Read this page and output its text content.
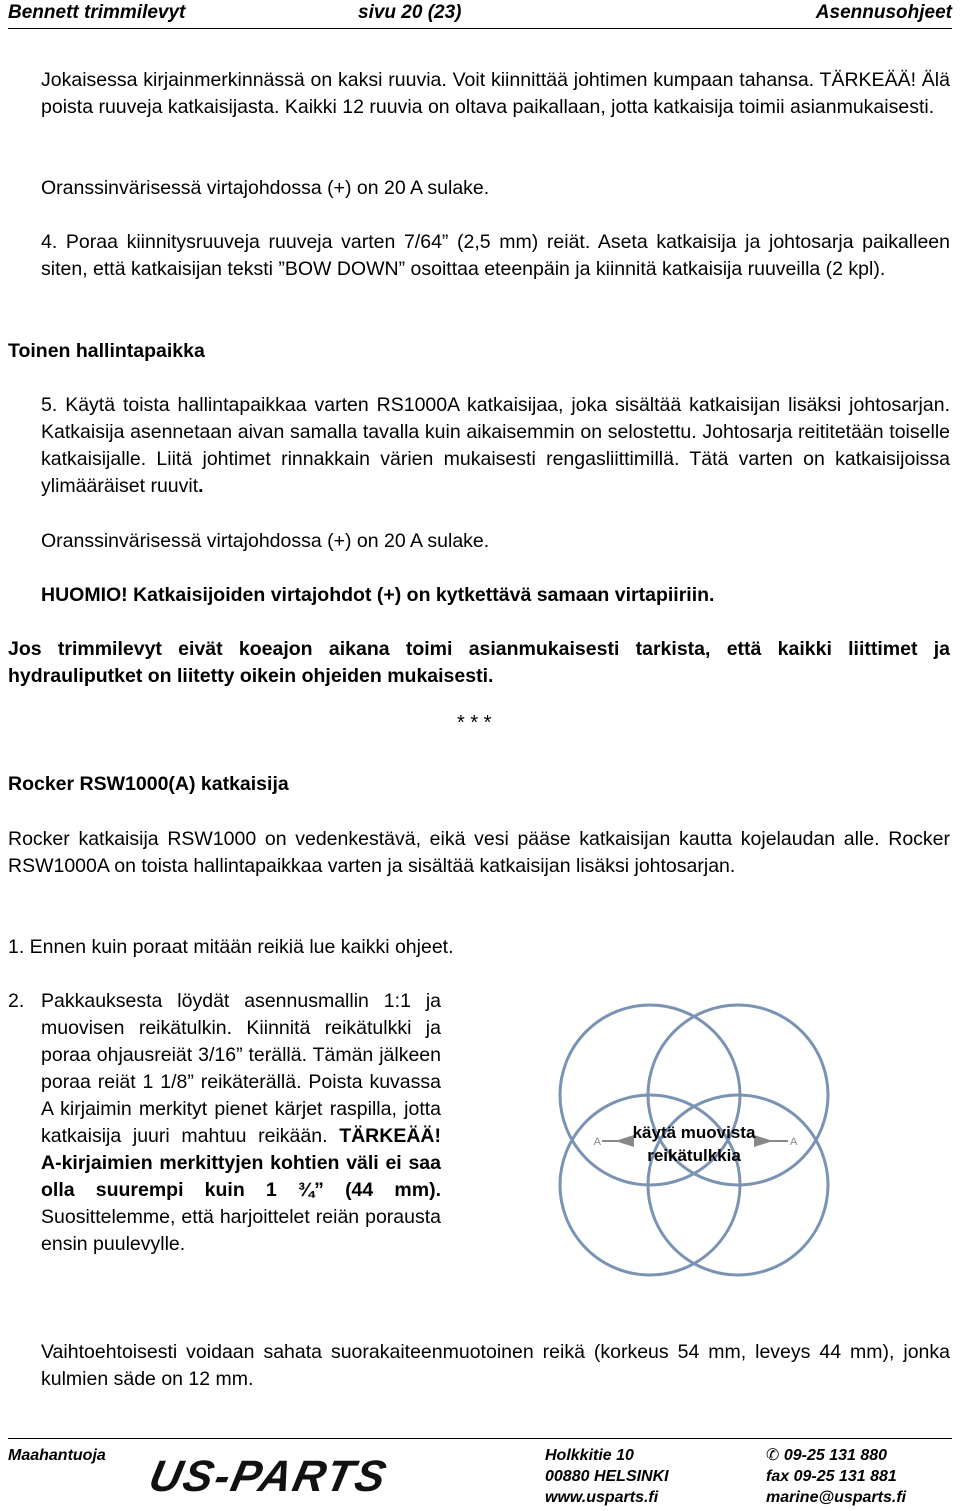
Bennett trimmilevyt	sivu 20 (23)	Asennusohjeet
Jokaisessa kirjainmerkinnässä on kaksi ruuvia. Voit kiinnittää johtimen kumpaan tahansa. TÄRKEÄÄ! Älä poista ruuveja katkaisijasta. Kaikki 12 ruuvia on oltava paikallaan, jotta katkaisija toimii asianmukaisesti.
Oranssinvärisessä virtajohdossa (+) on 20 A sulake.
4. Poraa kiinnitysruuveja ruuveja varten 7/64” (2,5 mm) reiät. Aseta katkaisija ja johtosarja paikalleen siten, että katkaisijan teksti ”BOW DOWN” osoittaa eteenpäin ja kiinnitä katkaisija ruuveilla (2 kpl).
Toinen hallintapaikka
5. Käytä toista hallintapaikkaa varten RS1000A katkaisijaa, joka sisältää katkaisijan lisäksi johtosarjan. Katkaisija asennetaan aivan samalla tavalla kuin aikaisemmin on selostettu. Johtosarja reititetään toiselle katkaisijalle. Liitä johtimet rinnakkain värien mukaisesti rengasliittimillä. Tätä varten on katkaisijoissa ylimääräiset ruuvit.
Oranssinvärisessä virtajohdossa (+) on 20 A sulake.
HUOMIO! Katkaisijoiden virtajohdot (+) on kytkettävä samaan virtapiiriin.
Jos trimmilevyt eivät koeajon aikana toimi asianmukaisesti tarkista, että kaikki liittimet ja hydrauliputket on liitetty oikein ohjeiden mukaisesti.
* * *
Rocker RSW1000(A) katkaisija
Rocker katkaisija RSW1000 on vedenkestävä, eikä vesi pääse katkaisijan kautta kojelaudan alle. Rocker RSW1000A on toista hallintapaikkaa varten ja sisältää katkaisijan lisäksi johtosarjan.
1. Ennen kuin poraat mitään reikiä lue kaikki ohjeet.
2. Pakkauksesta löydät asennusmallin 1:1 ja muovisen reikätulkin. Kiinnitä reikätulkki ja poraa ohjausreiät 3/16” terällä. Tämän jälkeen poraa reiät 1 1/8” reikäterällä. Poista kuvassa A kirjaimin merkityt pienet kärjet raspilla, jotta katkaisija juuri mahtuu reikään. TÄRKEÄÄ! A-kirjaimien merkittyjen kohtien väli ei saa olla suurempi kuin 1 ¾” (44 mm). Suosittelemme, että harjoittelet reiän porausta ensin puulevylle.
A	A
käytä muovista
reikätulkkia
Vaihtoehtoisesti voidaan sahata suorakaiteenmuotoinen reikä (korkeus 54 mm, leveys 44 mm), jonka kulmien säde on 12 mm.
Maahantuoja US-PARTS	Holkkitie 10
00880 HELSINKI
www.usparts.fi
✆ 09-25 131 880
fax 09-25 131 881
marine@usparts.fi
